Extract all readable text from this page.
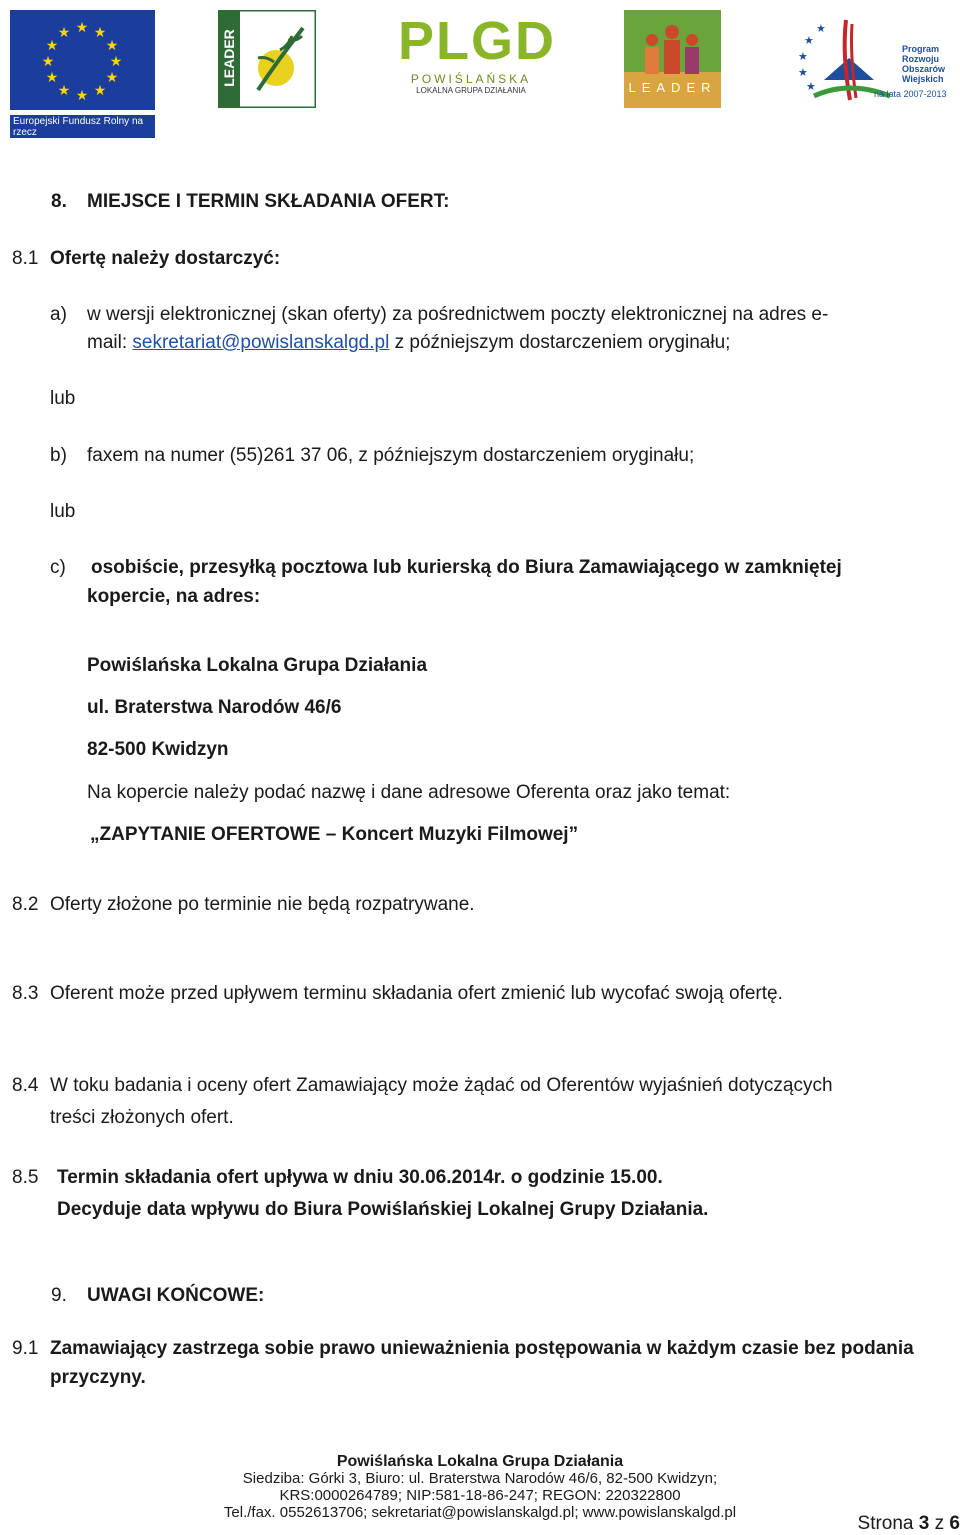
★ ★
★
★
★
★
★
★
★
★
★
★
Europejski Fundusz Rolny na rzecz
Rozwoju Obszarów Wiejskich
LEADER	PLGD
POWIŚLAŃSKA
LOKALNA GRUPA DZIAŁANIA	LEADER
★
★
★
★
★
Program
Rozwoju
Obszarów
Wiejskich
na lata 2007-2013
8. MIEJSCE I TERMIN SKŁADANIA OFERT:
8.1 Ofertę należy dostarczyć:
a) w wersji elektronicznej (skan oferty) za pośrednictwem poczty elektronicznej na adres e-
mail: sekretariat@powislanskalgd.pl z późniejszym dostarczeniem oryginału;
lub
b) faxem na numer (55)261 37 06, z późniejszym dostarczeniem oryginału;
lub
c) osobiście, przesyłką pocztowa lub kurierską do Biura Zamawiającego w zamkniętej
kopercie, na adres:
Powiślańska Lokalna Grupa Działania
ul. Braterstwa Narodów 46/6
82-500 Kwidzyn
Na kopercie należy podać nazwę i dane adresowe Oferenta oraz jako temat:
„ZAPYTANIE OFERTOWE – Koncert Muzyki Filmowej”
8.2 Oferty złożone po terminie nie będą rozpatrywane.
8.3 Oferent może przed upływem terminu składania ofert zmienić lub wycofać swoją ofertę.
8.4 W toku badania i oceny ofert Zamawiający może żądać od Oferentów wyjaśnień dotyczących
treści złożonych ofert.
8.5 Termin składania ofert upływa w dniu 30.06.2014r. o godzinie 15.00.
Decyduje data wpływu do Biura Powiślańskiej Lokalnej Grupy Działania.
9. UWAGI KOŃCOWE:
9.1 Zamawiający zastrzega sobie prawo unieważnienia postępowania w każdym czasie bez podania
przyczyny.
Powiślańska Lokalna Grupa Działania
Siedziba: Górki 3, Biuro: ul. Braterstwa Narodów 46/6, 82-500 Kwidzyn;
KRS:0000264789; NIP:581-18-86-247; REGON: 220322800
Tel./fax. 0552613706; sekretariat@powislanskalgd.pl; www.powislanskalgd.pl
Strona 3 z 6
